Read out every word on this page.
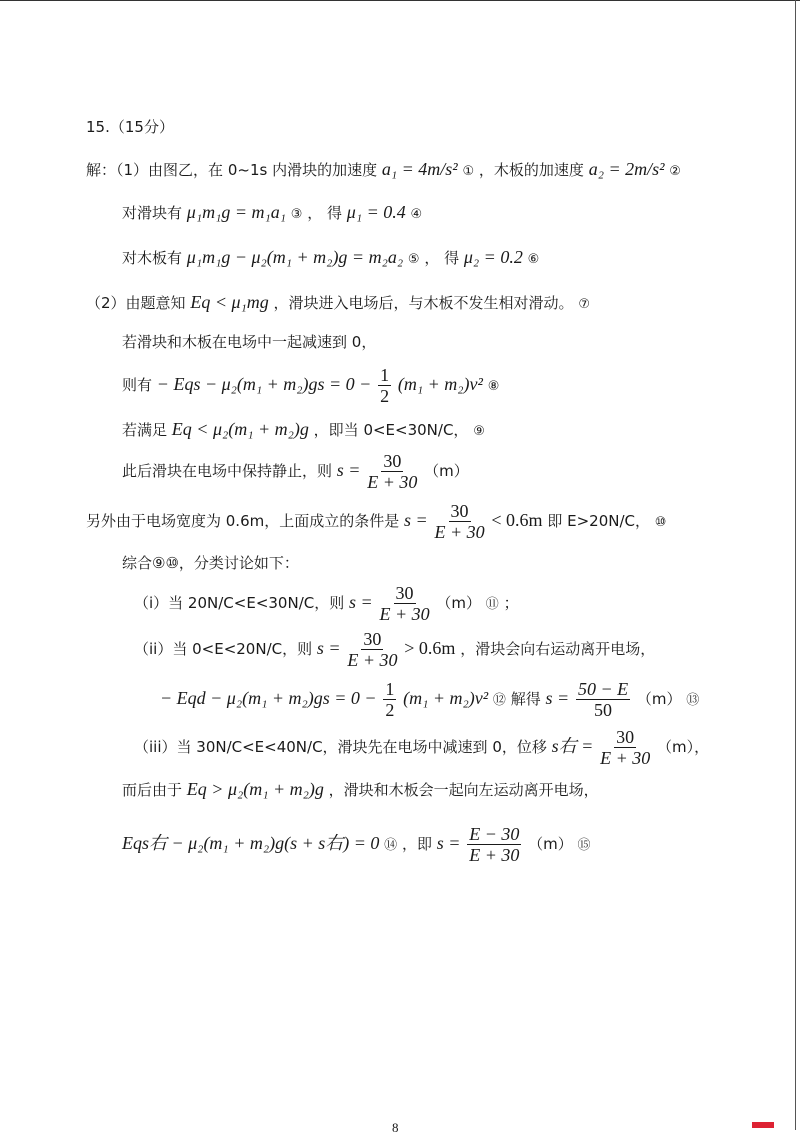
15.（15分）
解：（1）由图乙，在 0~1s 内滑块的加速度 a₁ = 4m/s² ① ，木板的加速度 a₂ = 2m/s² ②
对滑块有 μ₁m₁g = m₁a₁ ③ ， 得 μ₁ = 0.4 ④
对木板有 μ₁m₁g − μ₂(m₁ + m₂)g = m₂a₂ ⑤ ， 得 μ₂ = 0.2 ⑥
（2）由题意知 Eq < μ₁mg ，滑块进入电场后，与木板不发生相对滑动。 ⑦
若滑块和木板在电场中一起减速到 0，
则有 − Eqs − $\mu_2(m_1 + m_2)gs = 0 - \frac{1}{2} (m_1 + m_2)v^2$ ⑧
若满足 Eq < μ₂(m₁ + m₂)g ，即当 0<E<30N/C， ⑨
此后滑块在电场中保持静止，则 $s = \frac{30}{E + 30} (m)$
另外由于电场宽度为 0.6m，上面成立的条件是 $s = \frac{30}{E + 30} < 0.6m$ 即 E>20N/C， ⑩
综合⑨⑩，分类讨论如下：
（i）当 20N/C<E<30N/C，则 $s = \frac{30}{E + 30} (m)$ ⑪ ；
（ii）当 0<E<20N/C，则 $s = \frac{30}{E + 30} > 0.6m$ ，滑块会向右运动离开电场，
− Eqd − $\mu_2(m_1 + m_2)gs = 0 - \frac{1}{2} (m_1 + m_2)v^2$ ⑫ 解得 $s = \frac{50 - E}{50} (m)$ ⑬
（iii）当 30N/C<E<40N/C，滑块先在电场中减速到 0，位移 s右 = $\frac{30}{E + 30} (m)$，
而后由于 Eq > μ₂(m₁ + m₂)g ，滑块和木板会一起向左运动离开电场，
Eqs右 − μ₂(m₁ + m₂)g(s + s右) = 0 ⑭ ，即 $s = \frac{E - 30}{E + 30} (m)$ ⑮
8
